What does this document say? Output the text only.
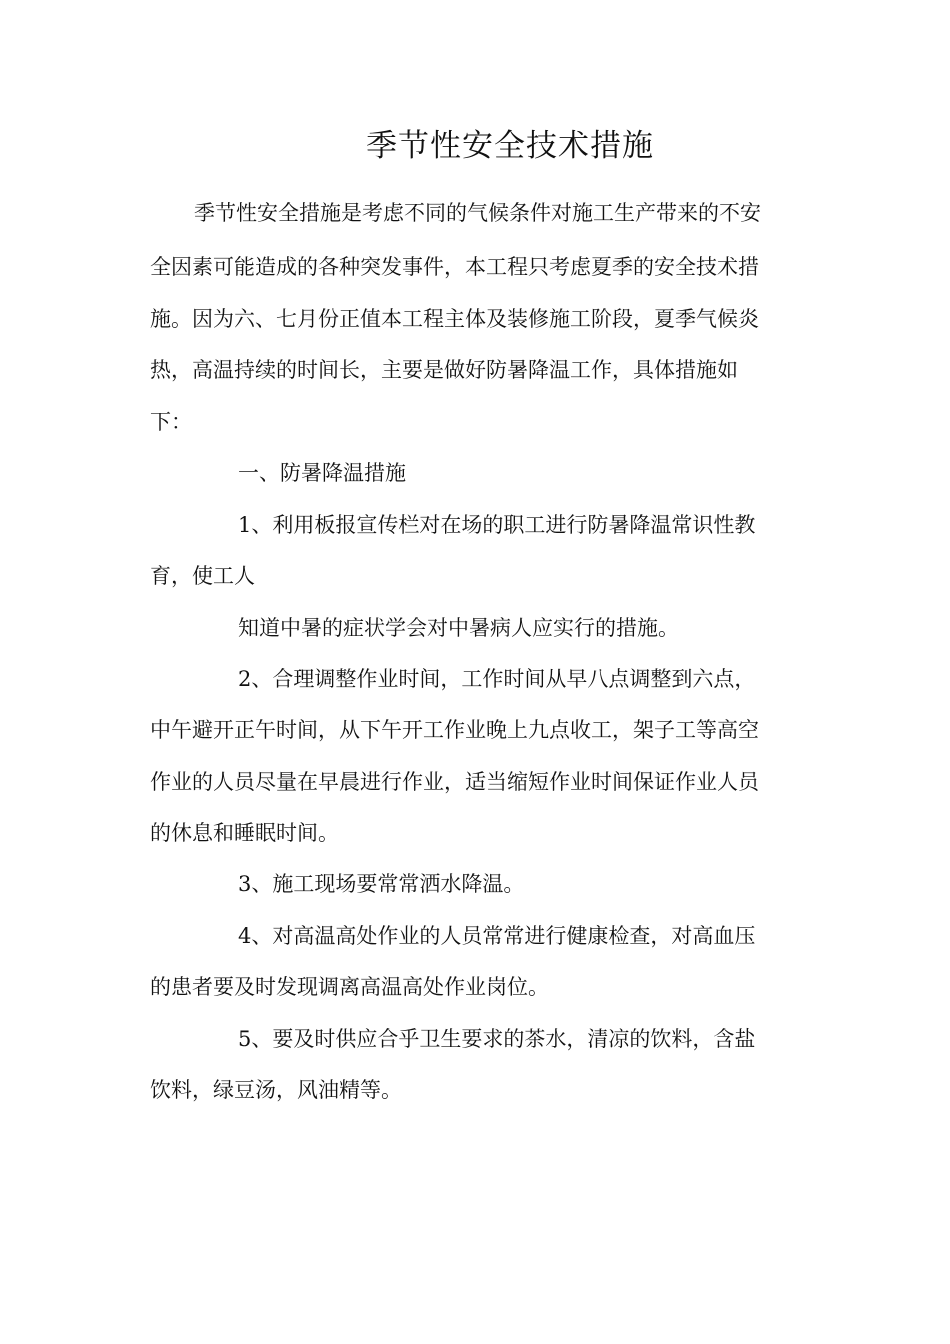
季节性安全技术措施

季节性安全措施是考虑不同的气候条件对施工生产带来的不安

全因素可能造成的各种突发事件，本工程只考虑夏季的安全技术措

施。因为六、七月份正值本工程主体及装修施工阶段，夏季气候炎

热，高温持续的时间长，主要是做好防暑降温工作，具体措施如

下：

一、防暑降温措施

1、利用板报宣传栏对在场的职工进行防暑降温常识性教

育，使工人

知道中暑的症状学会对中暑病人应实行的措施。

2、合理调整作业时间，工作时间从早八点调整到六点，

中午避开正午时间，从下午开工作业晚上九点收工，架子工等高空

作业的人员尽量在早晨进行作业，适当缩短作业时间保证作业人员

的休息和睡眠时间。

3、施工现场要常常洒水降温。

4、对高温高处作业的人员常常进行健康检查，对高血压

的患者要及时发现调离高温高处作业岗位。

5、要及时供应合乎卫生要求的茶水，清凉的饮料，含盐

饮料，绿豆汤，风油精等。
